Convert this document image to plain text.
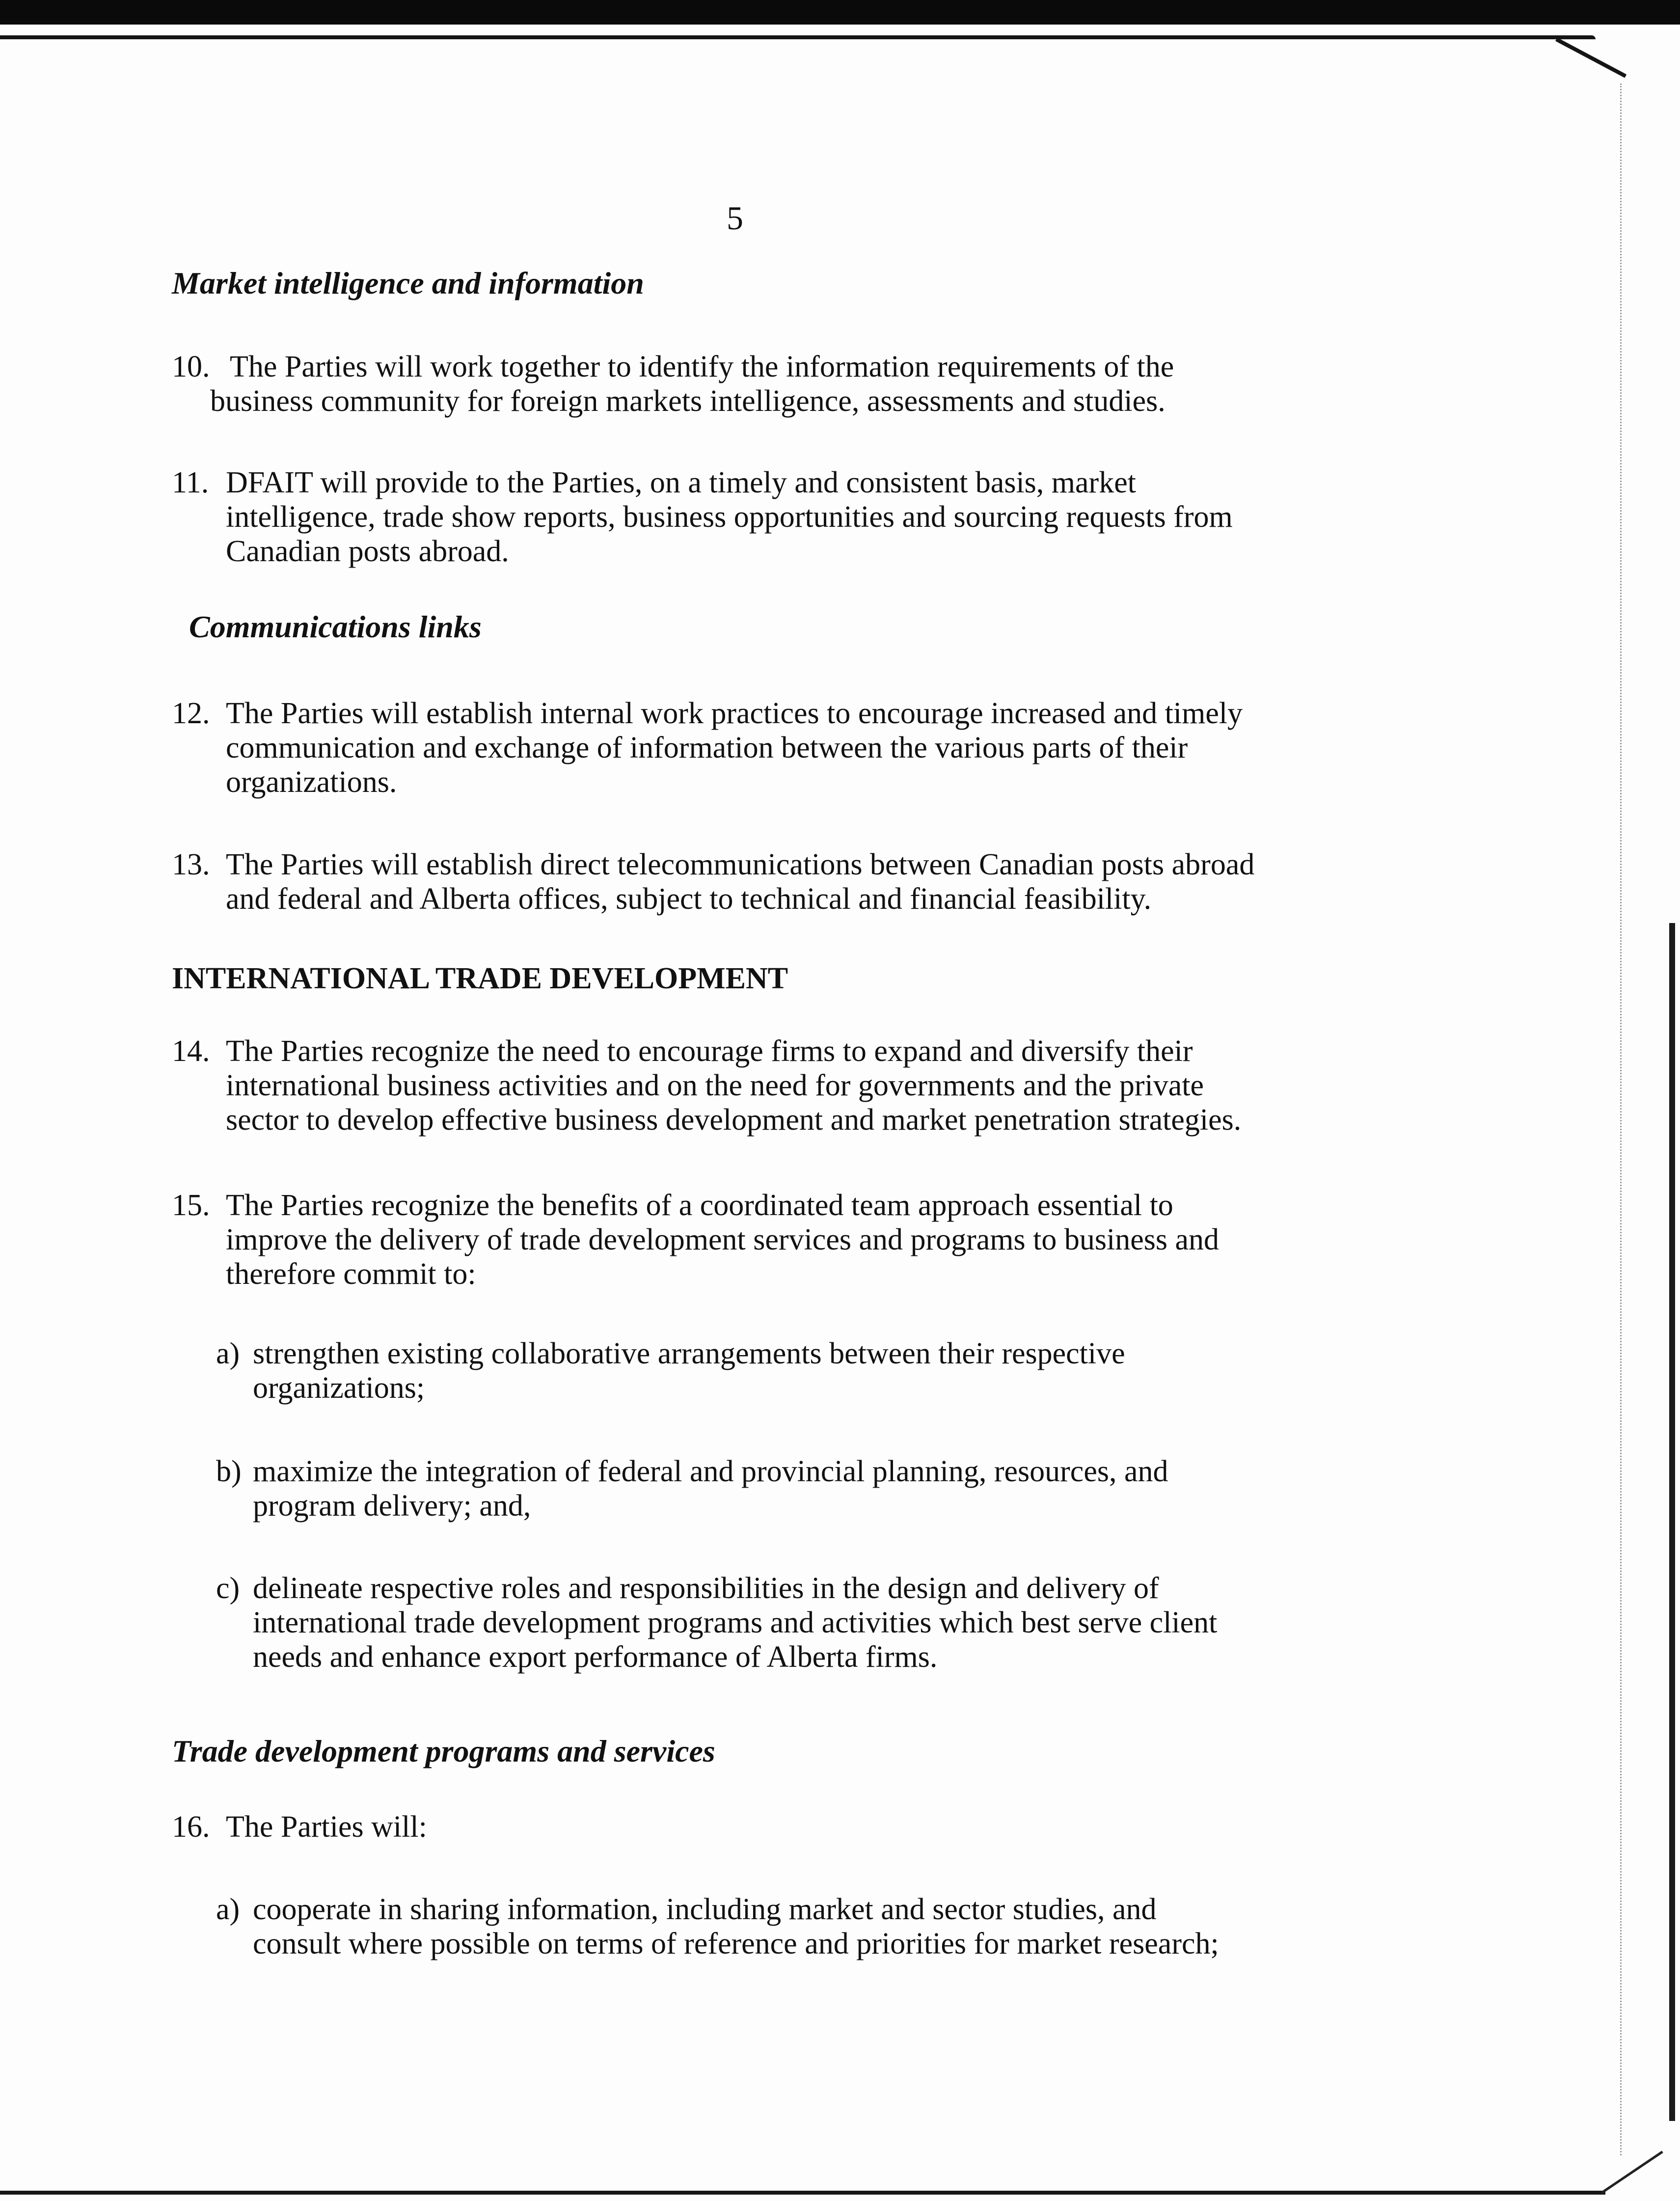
5
Market intelligence and information
10. The Parties will work together to identify the information requirements of the
business community for foreign markets intelligence, assessments and studies.
11. DFAIT will provide to the Parties, on a timely and consistent basis, market
intelligence, trade show reports, business opportunities and sourcing requests from
Canadian posts abroad.
Communications links
12. The Parties will establish internal work practices to encourage increased and timely
communication and exchange of information between the various parts of their
organizations.
13. The Parties will establish direct telecommunications between Canadian posts abroad
and federal and Alberta offices, subject to technical and financial feasibility.
INTERNATIONAL TRADE DEVELOPMENT
14. The Parties recognize the need to encourage firms to expand and diversify their
international business activities and on the need for governments and the private
sector to develop effective business development and market penetration strategies.
15. The Parties recognize the benefits of a coordinated team approach essential to
improve the delivery of trade development services and programs to business and
therefore commit to:
a) strengthen existing collaborative arrangements between their respective
organizations;
b) maximize the integration of federal and provincial planning, resources, and
program delivery; and,
c) delineate respective roles and responsibilities in the design and delivery of
international trade development programs and activities which best serve client
needs and enhance export performance of Alberta firms.
Trade development programs and services
16. The Parties will:
a) cooperate in sharing information, including market and sector studies, and
consult where possible on terms of reference and priorities for market research;
